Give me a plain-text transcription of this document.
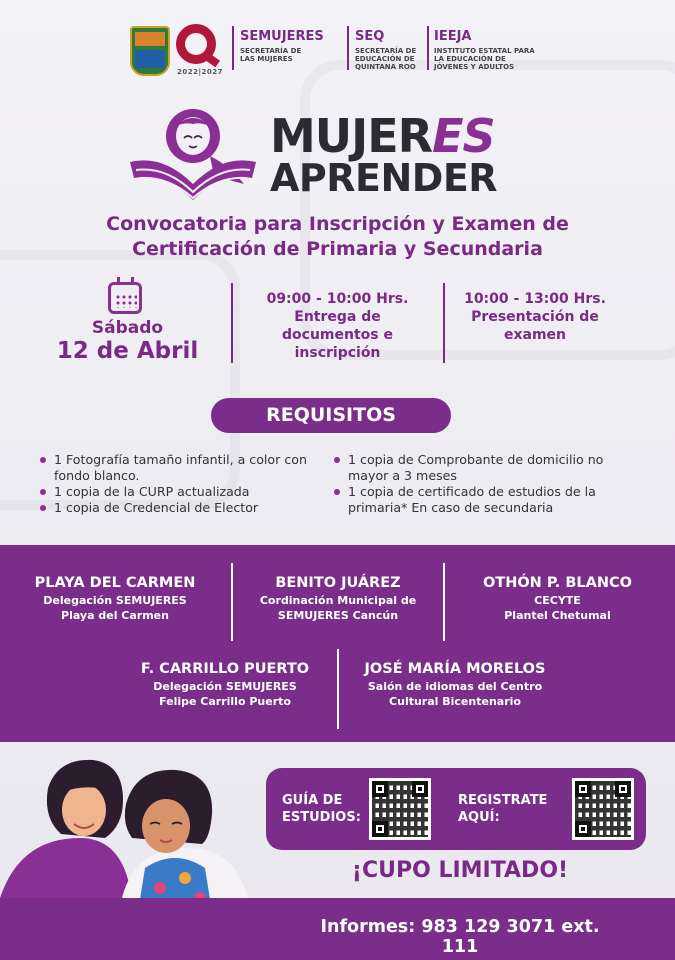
2022|2027
SEMUJERES
SECRETARÍA DE LAS MUJERES
SEQ
SECRETARÍA DE EDUCACIÓN DE QUINTANA ROO
IEEJA
INSTITUTO ESTATAL PARA LA EDUCACIÓN DE JÓVENES Y ADULTOS
MUJERES
APRENDER
Convocatoria para Inscripción y Examen de
Certificación de Primaria y Secundaria
Sábado
12 de Abril
09:00 - 10:00 Hrs.
Entrega de
documentos e
inscripción
10:00 - 13:00 Hrs.
Presentación de
examen
REQUISITOS
1 Fotografía tamaño infantil, a color con fondo blanco.
1 copia de la CURP actualizada
1 copia de Credencial de Elector
1 copia de Comprobante de domicilio no mayor a 3 meses
1 copia de certificado de estudios de la primaria* En caso de secundaria
PLAYA DEL CARMEN
Delegación SEMUJERES
Playa del Carmen
BENITO JUÁREZ
Cordinación Municipal de
SEMUJERES Cancún
OTHÓN P. BLANCO
CECYTE
Plantel Chetumal
F. CARRILLO PUERTO
Delegación SEMUJERES
Felipe Carrillo Puerto
JOSÉ MARÍA MORELOS
Salón de idiomas del Centro
Cultural Bicentenario
GUÍA DE
ESTUDIOS:
REGISTRATE
AQUÍ:
¡CUPO LIMITADO!
Informes: 983 129 3071 ext. 111
